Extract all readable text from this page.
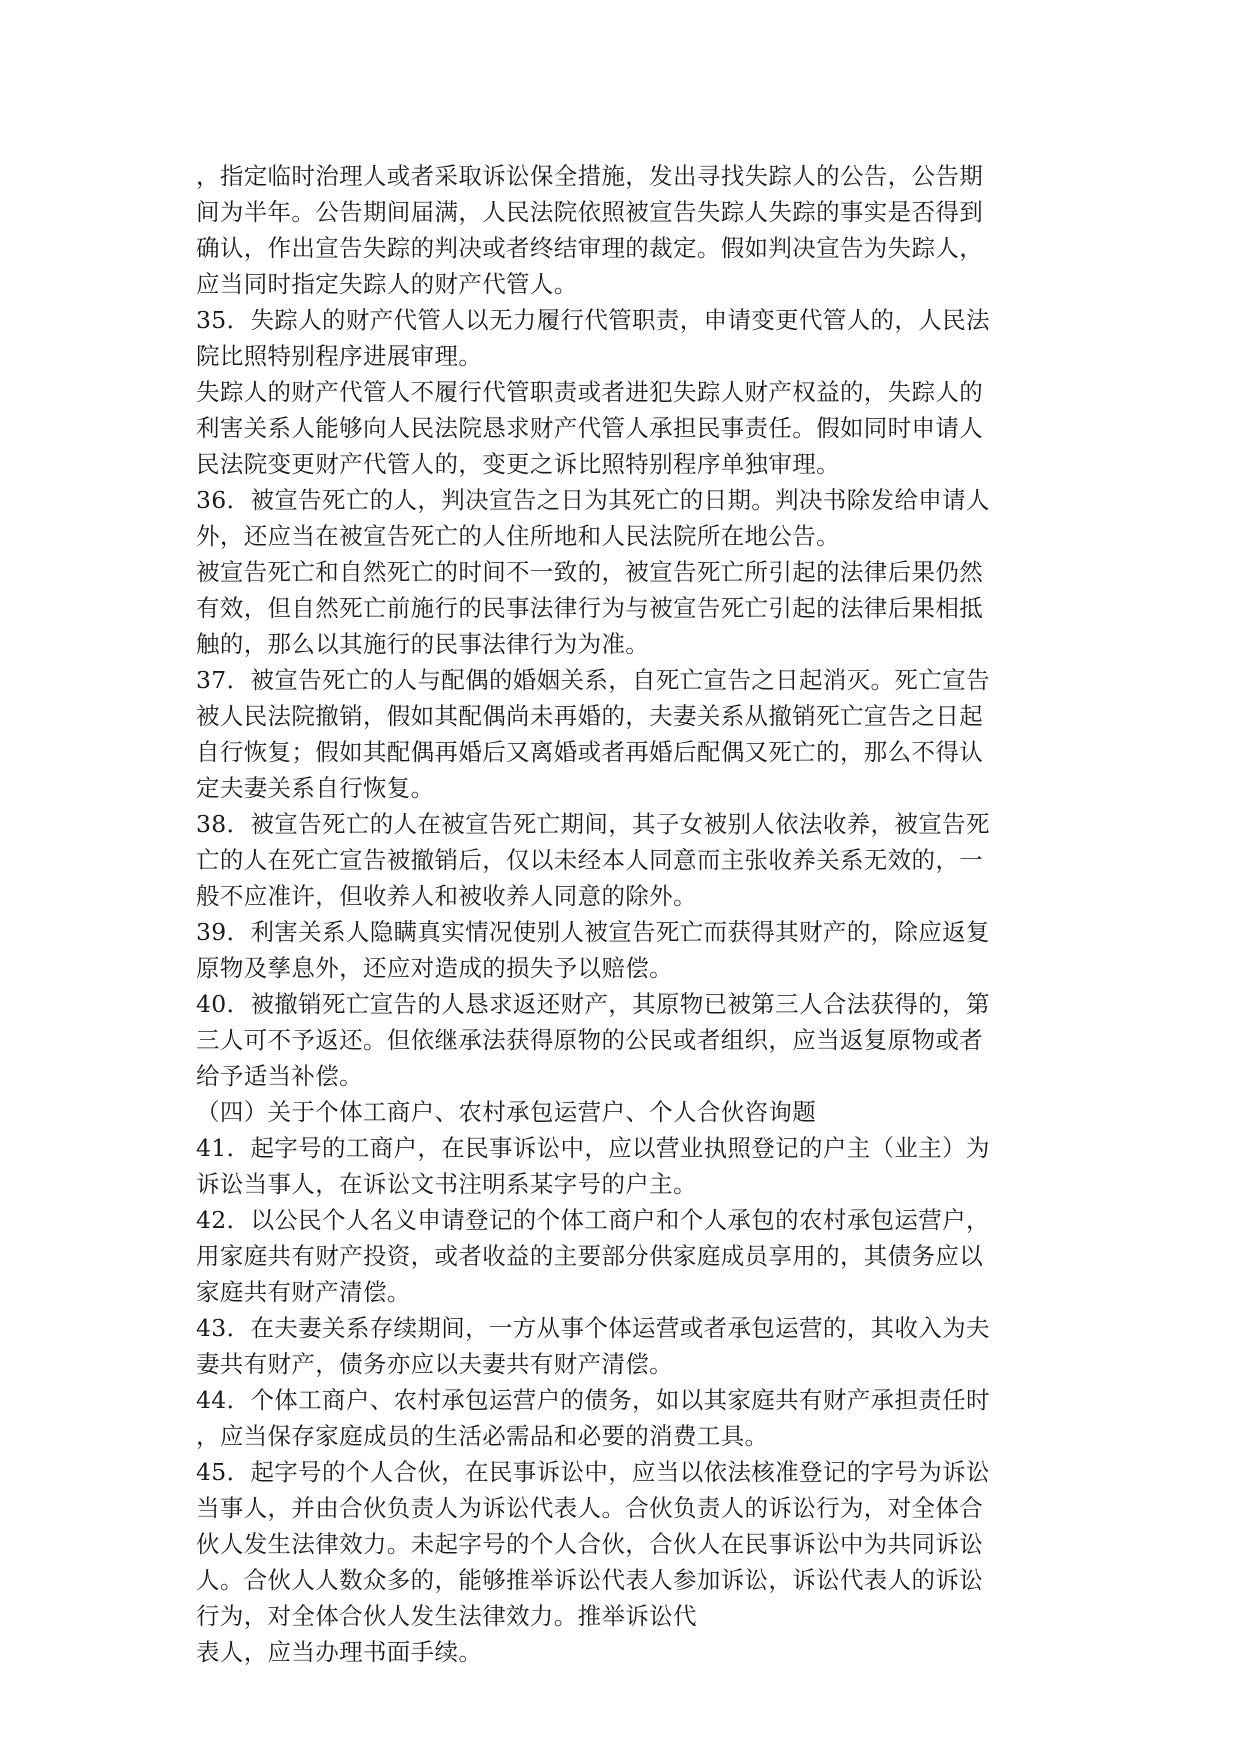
，指定临时治理人或者采取诉讼保全措施，发出寻找失踪人的公告，公告期
间为半年。公告期间届满，人民法院依照被宣告失踪人失踪的事实是否得到
确认，作出宣告失踪的判决或者终结审理的裁定。假如判决宣告为失踪人，
应当同时指定失踪人的财产代管人。
35．失踪人的财产代管人以无力履行代管职责，申请变更代管人的，人民法
院比照特别程序进展审理。
失踪人的财产代管人不履行代管职责或者进犯失踪人财产权益的，失踪人的
利害关系人能够向人民法院恳求财产代管人承担民事责任。假如同时申请人
民法院变更财产代管人的，变更之诉比照特别程序单独审理。
36．被宣告死亡的人，判决宣告之日为其死亡的日期。判决书除发给申请人
外，还应当在被宣告死亡的人住所地和人民法院所在地公告。
被宣告死亡和自然死亡的时间不一致的，被宣告死亡所引起的法律后果仍然
有效，但自然死亡前施行的民事法律行为与被宣告死亡引起的法律后果相抵
触的，那么以其施行的民事法律行为为准。
37．被宣告死亡的人与配偶的婚姻关系，自死亡宣告之日起消灭。死亡宣告
被人民法院撤销，假如其配偶尚未再婚的，夫妻关系从撤销死亡宣告之日起
自行恢复；假如其配偶再婚后又离婚或者再婚后配偶又死亡的，那么不得认
定夫妻关系自行恢复。
38．被宣告死亡的人在被宣告死亡期间，其子女被别人依法收养，被宣告死
亡的人在死亡宣告被撤销后，仅以未经本人同意而主张收养关系无效的，一
般不应准许，但收养人和被收养人同意的除外。
39．利害关系人隐瞒真实情况使别人被宣告死亡而获得其财产的，除应返复
原物及孳息外，还应对造成的损失予以赔偿。
40．被撤销死亡宣告的人恳求返还财产，其原物已被第三人合法获得的，第
三人可不予返还。但依继承法获得原物的公民或者组织，应当返复原物或者
给予适当补偿。
（四）关于个体工商户、农村承包运营户、个人合伙咨询题
41．起字号的工商户，在民事诉讼中，应以营业执照登记的户主（业主）为
诉讼当事人，在诉讼文书注明系某字号的户主。
42．以公民个人名义申请登记的个体工商户和个人承包的农村承包运营户，
用家庭共有财产投资，或者收益的主要部分供家庭成员享用的，其债务应以
家庭共有财产清偿。
43．在夫妻关系存续期间，一方从事个体运营或者承包运营的，其收入为夫
妻共有财产，债务亦应以夫妻共有财产清偿。
44．个体工商户、农村承包运营户的债务，如以其家庭共有财产承担责任时
，应当保存家庭成员的生活必需品和必要的消费工具。
45．起字号的个人合伙，在民事诉讼中，应当以依法核准登记的字号为诉讼
当事人，并由合伙负责人为诉讼代表人。合伙负责人的诉讼行为，对全体合
伙人发生法律效力。未起字号的个人合伙，合伙人在民事诉讼中为共同诉讼
人。合伙人人数众多的，能够推举诉讼代表人参加诉讼，诉讼代表人的诉讼
行为，对全体合伙人发生法律效力。推举诉讼代
表人，应当办理书面手续。
